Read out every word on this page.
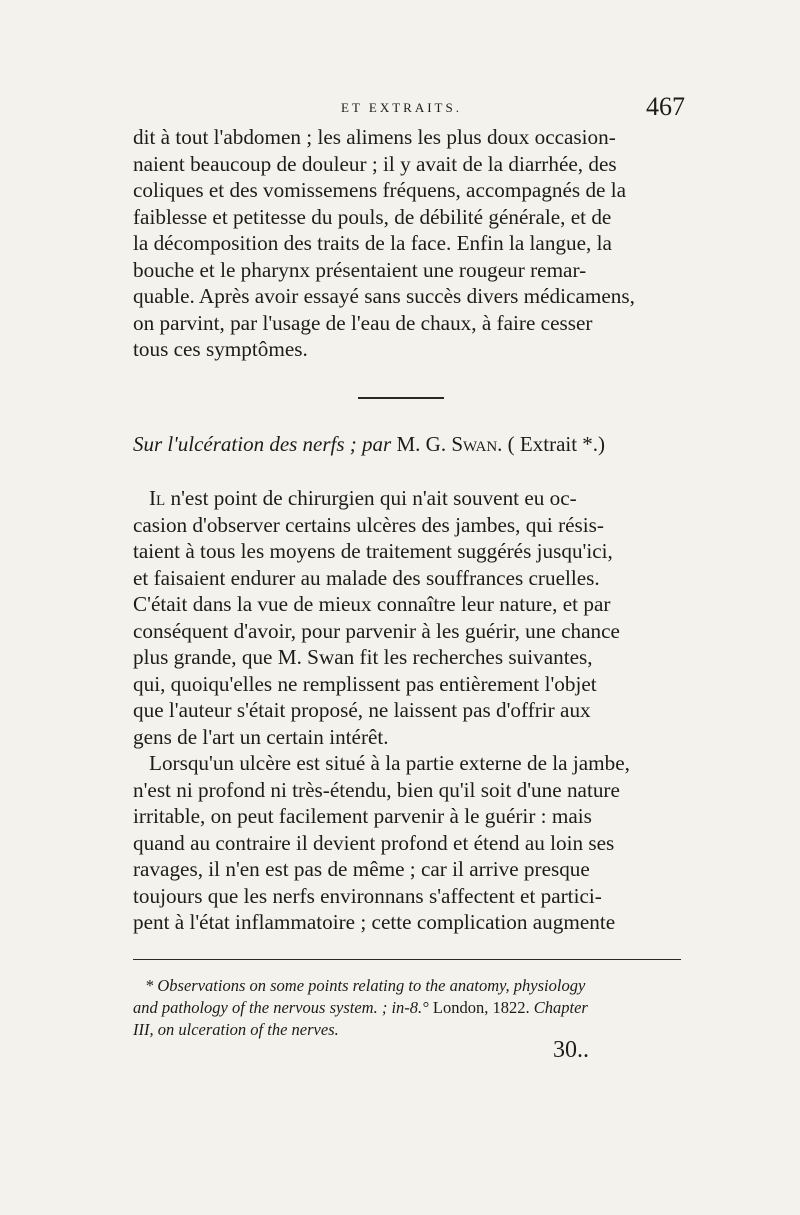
ET EXTRAITS.	467
dit à tout l'abdomen ; les alimens les plus doux occasion-
naient beaucoup de douleur ; il y avait de la diarrhée, des
coliques et des vomissemens fréquens, accompagnés de la
faiblesse et petitesse du pouls, de débilité générale, et de
la décomposition des traits de la face. Enfin la langue, la
bouche et le pharynx présentaient une rougeur remar-
quable. Après avoir essayé sans succès divers médicamens,
on parvint, par l'usage de l'eau de chaux, à faire cesser
tous ces symptômes.
Sur l'ulcération des nerfs ; par M. G. Swan. ( Extrait *.)
Il n'est point de chirurgien qui n'ait souvent eu oc-
casion d'observer certains ulcères des jambes, qui résis-
taient à tous les moyens de traitement suggérés jusqu'ici,
et faisaient endurer au malade des souffrances cruelles.
C'était dans la vue de mieux connaître leur nature, et par
conséquent d'avoir, pour parvenir à les guérir, une chance
plus grande, que M. Swan fit les recherches suivantes,
qui, quoiqu'elles ne remplissent pas entièrement l'objet
que l'auteur s'était proposé, ne laissent pas d'offrir aux
gens de l'art un certain intérêt.
Lorsqu'un ulcère est situé à la partie externe de la jambe,
n'est ni profond ni très-étendu, bien qu'il soit d'une nature
irritable, on peut facilement parvenir à le guérir : mais
quand au contraire il devient profond et étend au loin ses
ravages, il n'en est pas de même ; car il arrive presque
toujours que les nerfs environnans s'affectent et partici-
pent à l'état inflammatoire ; cette complication augmente
* Observations on some points relating to the anatomy, physiology
and pathology of the nervous system. ; in-8.° London, 1822. Chapter
III, on ulceration of the nerves.
30..
